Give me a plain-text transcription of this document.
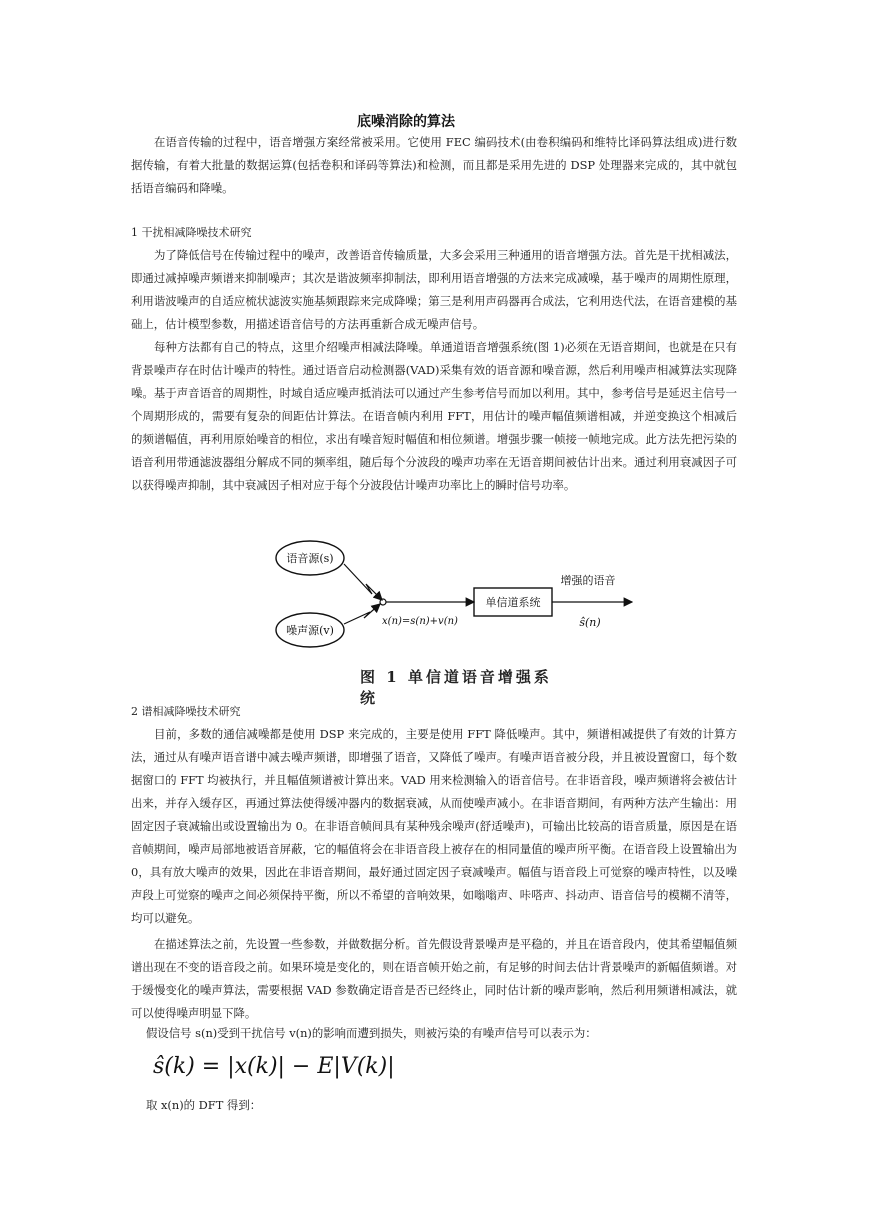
底噪消除的算法

在语音传输的过程中，语音增强方案经常被采用。它使用 FEC 编码技术(由卷积编码和维特比译码算法组成)进行数据传输，有着大批量的数据运算(包括卷积和译码等算法)和检测，而且都是采用先进的 DSP 处理器来完成的，其中就包括语音编码和降噪。

1 干扰相减降噪技术研究

为了降低信号在传输过程中的噪声，改善语音传输质量，大多会采用三种通用的语音增强方法。首先是干扰相减法，即通过减掉噪声频谱来抑制噪声；其次是谐波频率抑制法，即利用语音增强的方法来完成减噪，基于噪声的周期性原理，利用谐波噪声的自适应梳状滤波实施基频跟踪来完成降噪；第三是利用声码器再合成法，它利用迭代法，在语音建模的基础上，估计模型参数，用描述语音信号的方法再重新合成无噪声信号。

每种方法都有自己的特点，这里介绍噪声相减法降噪。单通道语音增强系统(图 1)必须在无语音期间，也就是在只有背景噪声存在时估计噪声的特性。通过语音启动检测器(VAD)采集有效的语音源和噪音源，然后利用噪声相减算法实现降噪。基于声音语音的周期性，时域自适应噪声抵消法可以通过产生参考信号而加以利用。其中，参考信号是延迟主信号一个周期形成的，需要有复杂的间距估计算法。在语音帧内利用 FFT，用估计的噪声幅值频谱相减，并逆变换这个相减后的频谱幅值，再利用原始噪音的相位，求出有噪音短时幅值和相位频谱。增强步骤一帧接一帧地完成。此方法先把污染的语音利用带通滤波器组分解成不同的频率组，随后每个分波段的噪声功率在无语音期间被估计出来。通过利用衰减因子可以获得噪声抑制，其中衰减因子相对应于每个分波段估计噪声功率比上的瞬时信号功率。

语音源(s)
噪声源(v)
单信道系统
增强的语音
x(n)=s(n)+v(n)	ŝ(n)
图 1 单信道语音增强系统

2 谱相减降噪技术研究

目前，多数的通信减噪都是使用 DSP 来完成的，主要是使用 FFT 降低噪声。其中，频谱相减提供了有效的计算方法，通过从有噪声语音谱中减去噪声频谱，即增强了语音，又降低了噪声。有噪声语音被分段，并且被设置窗口，每个数据窗口的 FFT 均被执行，并且幅值频谱被计算出来。VAD 用来检测输入的语音信号。在非语音段，噪声频谱将会被估计出来，并存入缓存区，再通过算法使得缓冲器内的数据衰减，从而使噪声减小。在非语音期间，有两种方法产生输出：用固定因子衰减输出或设置输出为 0。在非语音帧间具有某种残余噪声(舒适噪声)，可输出比较高的语音质量，原因是在语音帧期间，噪声局部地被语音屏蔽，它的幅值将会在非语音段上被存在的相同量值的噪声所平衡。在语音段上设置输出为 0，具有放大噪声的效果，因此在非语音期间，最好通过固定因子衰减噪声。幅值与语音段上可觉察的噪声特性，以及噪声段上可觉察的噪声之间必须保持平衡，所以不希望的音响效果，如嗡嗡声、咔嗒声、抖动声、语音信号的模糊不清等，均可以避免。

在描述算法之前，先设置一些参数，并做数据分析。首先假设背景噪声是平稳的，并且在语音段内，使其希望幅值频谱出现在不变的语音段之前。如果环境是变化的，则在语音帧开始之前，有足够的时间去估计背景噪声的新幅值频谱。对于缓慢变化的噪声算法，需要根据 VAD 参数确定语音是否已经终止，同时估计新的噪声影响，然后利用频谱相减法，就可以使得噪声明显下降。

假设信号 s(n)受到干扰信号 v(n)的影响而遭到损失，则被污染的有噪声信号可以表示为：

ŝ(k) = |x(k)| − E|V(k)|

取 x(n)的 DFT 得到：
